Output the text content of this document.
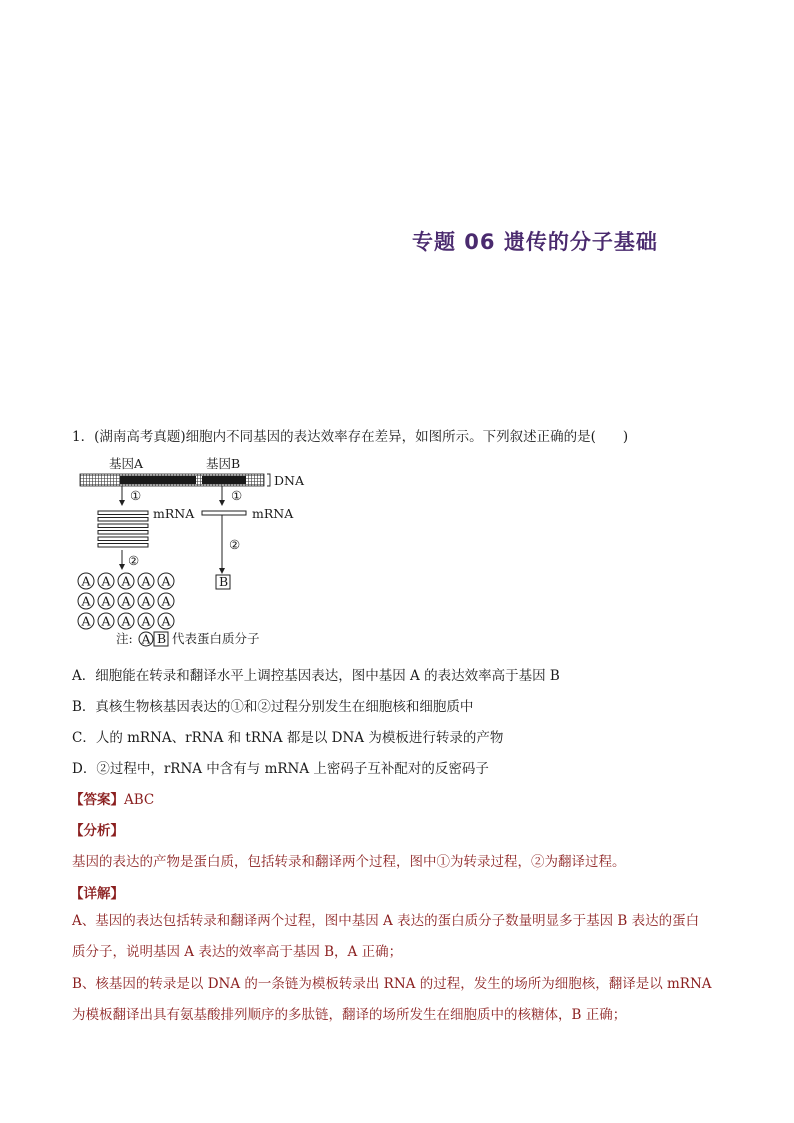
专题 06 遗传的分子基础
1．(湖南高考真题)细胞内不同基因的表达效率存在差异，如图所示。下列叙述正确的是(　　)
基因A	基因B
DNA
①	①
mRNA	mRNA
②
②
A A A A A
A A A A A
A A A A A
B
注: A B 代表蛋白质分子
A．细胞能在转录和翻译水平上调控基因表达，图中基因 A 的表达效率高于基因 B
B．真核生物核基因表达的①和②过程分别发生在细胞核和细胞质中
C．人的 mRNA、rRNA 和 tRNA 都是以 DNA 为模板进行转录的产物
D．②过程中，rRNA 中含有与 mRNA 上密码子互补配对的反密码子
【答案】ABC
【分析】
基因的表达的产物是蛋白质，包括转录和翻译两个过程，图中①为转录过程，②为翻译过程。
【详解】
A、基因的表达包括转录和翻译两个过程，图中基因 A 表达的蛋白质分子数量明显多于基因 B 表达的蛋白
质分子，说明基因 A 表达的效率高于基因 B，A 正确；
B、核基因的转录是以 DNA 的一条链为模板转录出 RNA 的过程，发生的场所为细胞核，翻译是以 mRNA
为模板翻译出具有氨基酸排列顺序的多肽链，翻译的场所发生在细胞质中的核糖体，B 正确；
